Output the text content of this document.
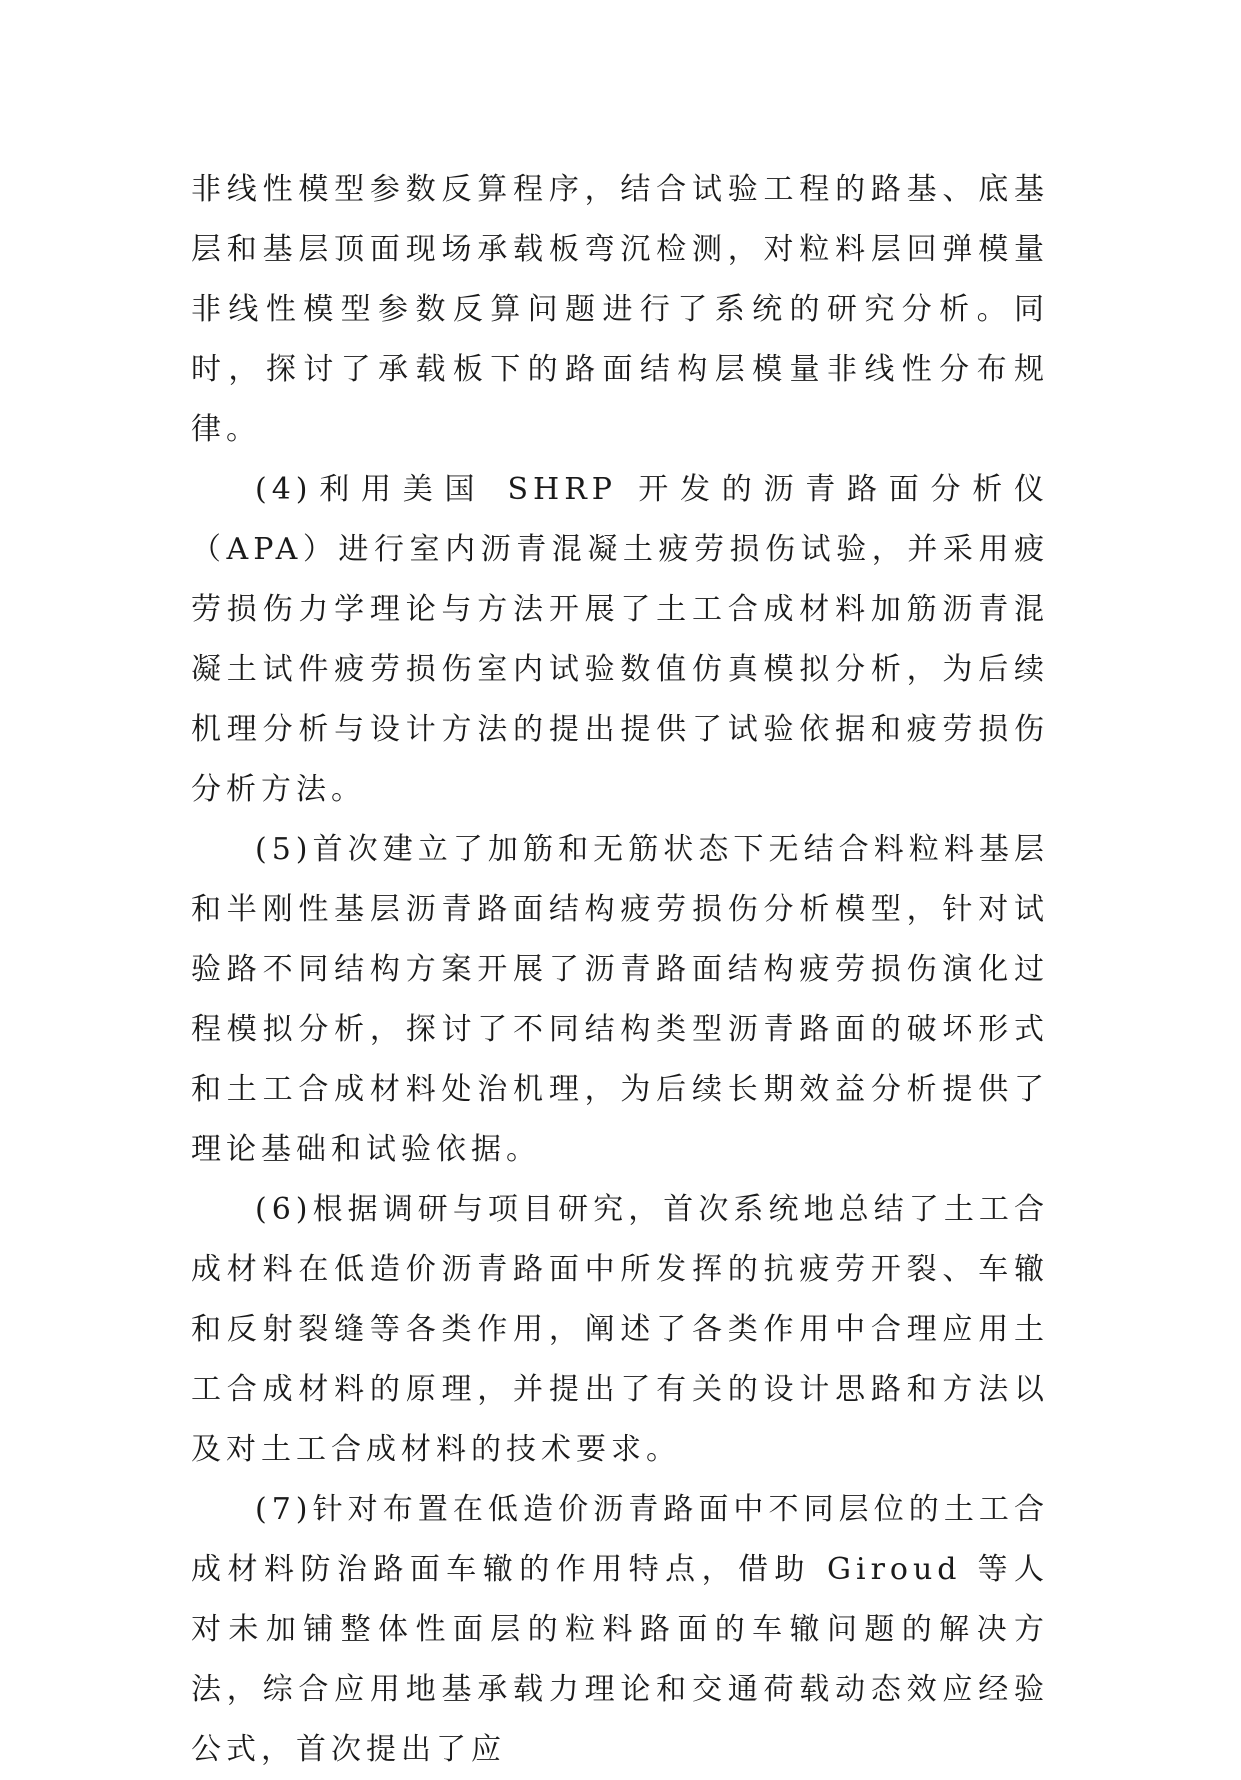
非线性模型参数反算程序，结合试验工程的路基、底基层和基层顶面现场承载板弯沉检测，对粒料层回弹模量非线性模型参数反算问题进行了系统的研究分析。同时，探讨了承载板下的路面结构层模量非线性分布规律。

(4)利用美国 SHRP 开发的沥青路面分析仪（APA）进行室内沥青混凝土疲劳损伤试验，并采用疲劳损伤力学理论与方法开展了土工合成材料加筋沥青混凝土试件疲劳损伤室内试验数值仿真模拟分析，为后续机理分析与设计方法的提出提供了试验依据和疲劳损伤分析方法。

(5)首次建立了加筋和无筋状态下无结合料粒料基层和半刚性基层沥青路面结构疲劳损伤分析模型，针对试验路不同结构方案开展了沥青路面结构疲劳损伤演化过程模拟分析，探讨了不同结构类型沥青路面的破坏形式和土工合成材料处治机理，为后续长期效益分析提供了理论基础和试验依据。

(6)根据调研与项目研究，首次系统地总结了土工合成材料在低造价沥青路面中所发挥的抗疲劳开裂、车辙和反射裂缝等各类作用，阐述了各类作用中合理应用土工合成材料的原理，并提出了有关的设计思路和方法以及对土工合成材料的技术要求。

(7)针对布置在低造价沥青路面中不同层位的土工合成材料防治路面车辙的作用特点，借助 Giroud 等人对未加铺整体性面层的粒料路面的车辙问题的解决方法，综合应用地基承载力理论和交通荷载动态效应经验公式，首次提出了应
